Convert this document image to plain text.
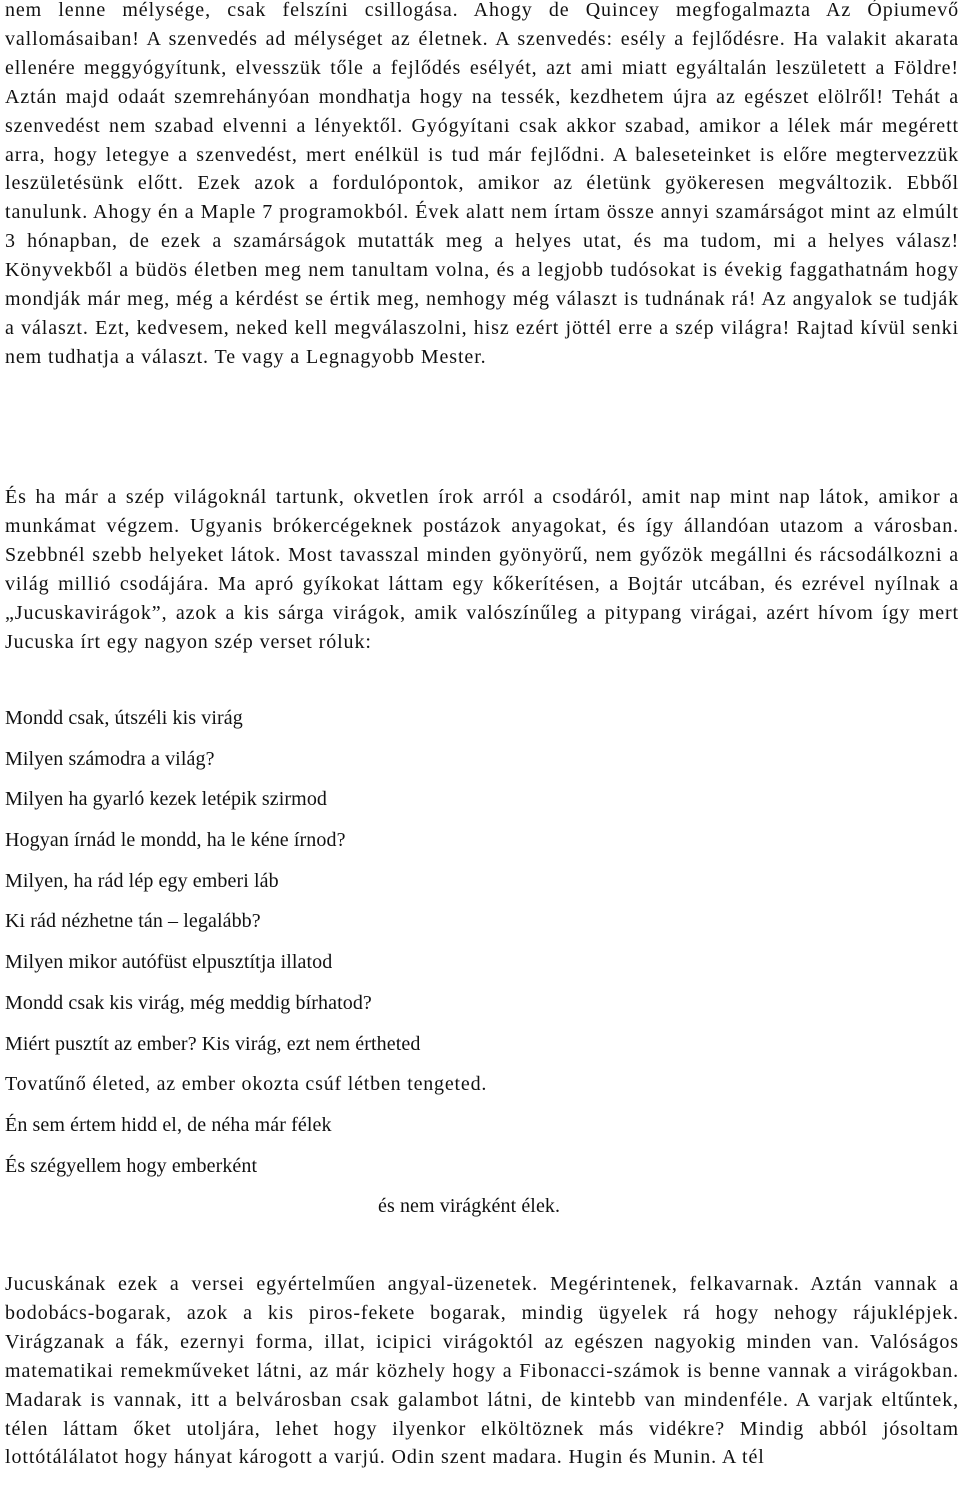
nem lenne mélysége, csak felszíni csillogása. Ahogy de Quincey megfogalmazta Az Ópiumevő vallomásaiban! A szenvedés ad mélységet az életnek. A szenvedés: esély a fejlődésre. Ha valakit akarata ellenére meggyógyítunk, elvesszük tőle a fejlődés esélyét, azt ami miatt egyáltalán leszületett a Földre! Aztán majd odaát szemrehányóan mondhatja hogy na tessék, kezdhetem újra az egészet elölről! Tehát a szenvedést nem szabad elvenni a lényektől. Gyógyítani csak akkor szabad, amikor a lélek már megérett arra, hogy letegye a szenvedést, mert enélkül is tud már fejlődni. A baleseteinket is előre megtervezzük leszületésünk előtt. Ezek azok a fordulópontok, amikor az életünk gyökeresen megváltozik. Ebből tanulunk. Ahogy én a Maple 7 programokból. Évek alatt nem írtam össze annyi szamárságot mint az elmúlt 3 hónapban, de ezek a szamárságok mutatták meg a helyes utat, és ma tudom, mi a helyes válasz! Könyvekből a büdös életben meg nem tanultam volna, és a legjobb tudósokat is évekig faggathatnám hogy mondják már meg, még a kérdést se értik meg, nemhogy még választ is tudnának rá! Az angyalok se tudják a választ. Ezt, kedvesem, neked kell megválaszolni, hisz ezért jöttél erre a szép világra! Rajtad kívül senki nem tudhatja a választ. Te vagy a Legnagyobb Mester.

És ha már a szép világoknál tartunk, okvetlen írok arról a csodáról, amit nap mint nap látok, amikor a munkámat végzem. Ugyanis brókercégeknek postázok anyagokat, és így állandóan utazom a városban. Szebbnél szebb helyeket látok. Most tavasszal minden gyönyörű, nem győzök megállni és rácsodálkozni a világ millió csodájára. Ma apró gyíkokat láttam egy kőkerítésen, a Bojtár utcában, és ezrével nyílnak a „Jucuskavirágok”, azok a kis sárga virágok, amik valószínűleg a pitypang virágai, azért hívom így mert Jucuska írt egy nagyon szép verset róluk:

Mondd csak, útszéli kis virág

Milyen számodra a világ?

Milyen ha gyarló kezek letépik szirmod

Hogyan írnád le mondd, ha le kéne írnod?

Milyen, ha rád lép egy emberi láb

Ki rád nézhetne tán – legalább?

Milyen mikor autófüst elpusztítja illatod

Mondd csak kis virág, még meddig bírhatod?

Miért pusztít az ember? Kis virág, ezt nem értheted

Tovatűnő életed, az ember okozta csúf létben tengeted.

Én sem értem hidd el, de néha már félek

És szégyellem hogy emberként

és nem virágként élek.

Jucuskának ezek a versei egyértelműen angyal-üzenetek. Megérintenek, felkavarnak. Aztán vannak a bodobács-bogarak, azok a kis piros-fekete bogarak, mindig ügyelek rá hogy nehogy rájuklépjek. Virágzanak a fák, ezernyi forma, illat, icipici virágoktól az egészen nagyokig minden van. Valóságos matematikai remekműveket látni, az már közhely hogy a Fibonacci-számok is benne vannak a virágokban. Madarak is vannak, itt a belvárosban csak galambot látni, de kintebb van mindenféle. A varjak eltűntek, télen láttam őket utoljára, lehet hogy ilyenkor elköltöznek más vidékre? Mindig abból jósoltam lottótálálatot hogy hányat károgott a varjú. Odin szent madara. Hugin és Munin. A tél
